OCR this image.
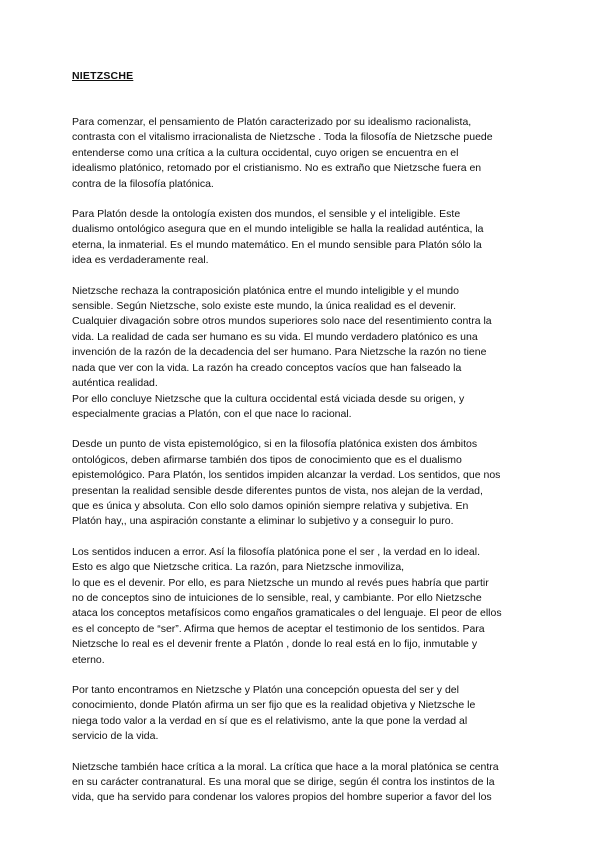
NIETZSCHE

Para comenzar, el pensamiento de Platón caracterizado por su idealismo racionalista,
contrasta con el vitalismo irracionalista de Nietzsche . Toda la filosofía de Nietzsche puede
entenderse como una crítica a la cultura occidental, cuyo origen se encuentra en el
idealismo platónico, retomado por el cristianismo. No es extraño que Nietzsche fuera en
contra de la filosofía platónica.

Para Platón desde la ontología existen dos mundos, el sensible y el inteligible. Este
dualismo ontológico asegura que en el mundo inteligible se halla la realidad auténtica, la
eterna, la inmaterial. Es el mundo matemático. En el mundo sensible para Platón sólo la
idea es verdaderamente real.

Nietzsche rechaza la contraposición platónica entre el mundo inteligible y el mundo
sensible. Según Nietzsche, solo existe este mundo, la única realidad es el devenir.
Cualquier divagación sobre otros mundos superiores solo nace del resentimiento contra la
vida. La realidad de cada ser humano es su vida. El mundo verdadero platónico es una
invención de la razón de la decadencia del ser humano. Para Nietzsche la razón no tiene
nada que ver con la vida. La razón ha creado conceptos vacíos que han falseado la
auténtica realidad.
Por ello concluye Nietzsche que la cultura occidental está viciada desde su origen, y
especialmente gracias a Platón, con el que nace lo racional.

Desde un punto de vista epistemológico, si en la filosofía platónica existen dos ámbitos
ontológicos, deben afirmarse también dos tipos de conocimiento que es el dualismo
epistemológico. Para Platón, los sentidos impiden alcanzar la verdad. Los sentidos, que nos
presentan la realidad sensible desde diferentes puntos de vista, nos alejan de la verdad,
que es única y absoluta. Con ello solo damos opinión siempre relativa y subjetiva. En
Platón hay,, una aspiración constante a eliminar lo subjetivo y a conseguir lo puro.

Los sentidos inducen a error. Así la filosofía platónica pone el ser , la verdad en lo ideal.
Esto es algo que Nietzsche critica. La razón, para Nietzsche inmoviliza,
lo que es el devenir. Por ello, es para Nietzsche un mundo al revés pues habría que partir
no de conceptos sino de intuiciones de lo sensible, real, y cambiante. Por ello Nietzsche
ataca los conceptos metafísicos como engaños gramaticales o del lenguaje. El peor de ellos
es el concepto de “ser”. Afirma que hemos de aceptar el testimonio de los sentidos. Para
Nietzsche lo real es el devenir frente a Platón , donde lo real está en lo fijo, inmutable y
eterno.

Por tanto encontramos en Nietzsche y Platón una concepción opuesta del ser y del
conocimiento, donde Platón afirma un ser fijo que es la realidad objetiva y Nietzsche le
niega todo valor a la verdad en sí que es el relativismo, ante la que pone la verdad al
servicio de la vida.

Nietzsche también hace crítica a la moral. La crítica que hace a la moral platónica se centra
en su carácter contranatural. Es una moral que se dirige, según él contra los instintos de la
vida, que ha servido para condenar los valores propios del hombre superior a favor del los
